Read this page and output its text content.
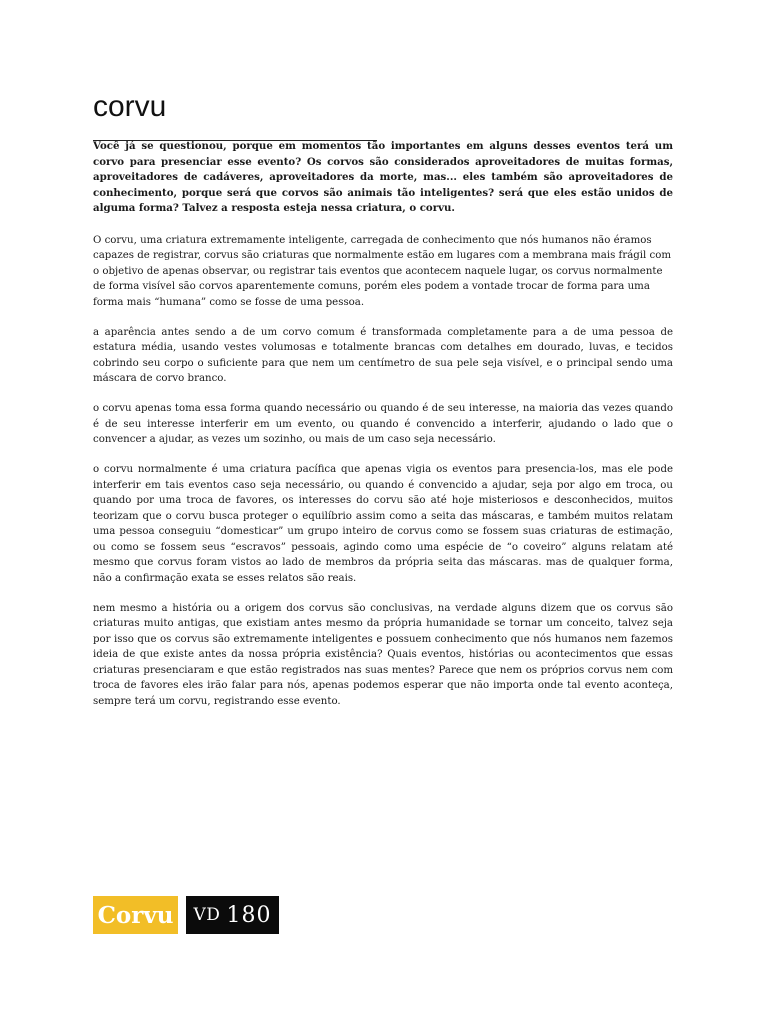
corvu

Você já se questionou, porque em momentos tão importantes em alguns desses eventos terá um corvo para presenciar esse evento? Os corvos são considerados aproveitadores de muitas formas, aproveitadores de cadáveres, aproveitadores da morte, mas... eles também são aproveitadores de conhecimento, porque será que corvos são animais tão inteligentes? será que eles estão unidos de alguma forma? Talvez a resposta esteja nessa criatura, o corvu.

O corvu, uma criatura extremamente inteligente, carregada de conhecimento que nós humanos não éramos capazes de registrar, corvus são criaturas que normalmente estão em lugares com a membrana mais frágil com o objetivo de apenas observar, ou registrar tais eventos que acontecem naquele lugar, os corvus normalmente de forma visível são corvos aparentemente comuns, porém eles podem a vontade trocar de forma para uma forma mais “humana” como se fosse de uma pessoa.

a aparência antes sendo a de um corvo comum é transformada completamente para a de uma pessoa de estatura média, usando vestes volumosas e totalmente brancas com detalhes em dourado, luvas, e tecidos cobrindo seu corpo o suficiente para que nem um centímetro de sua pele seja visível, e o principal sendo uma máscara de corvo branco.

o corvu apenas toma essa forma quando necessário ou quando é de seu interesse, na maioria das vezes quando é de seu interesse interferir em um evento, ou quando é convencido a interferir, ajudando o lado que o convencer a ajudar, as vezes um sozinho, ou mais de um caso seja necessário.

o corvu normalmente é uma criatura pacífica que apenas vigia os eventos para presencia-los, mas ele pode interferir em tais eventos caso seja necessário, ou quando é convencido a ajudar, seja por algo em troca, ou quando por uma troca de favores, os interesses do corvu são até hoje misteriosos e desconhecidos, muitos teorizam que o corvu busca proteger o equilíbrio assim como a seita das máscaras, e também muitos relatam uma pessoa conseguiu “domesticar” um grupo inteiro de corvus como se fossem suas criaturas de estimação, ou como se fossem seus “escravos” pessoais, agindo como uma espécie de “o coveiro” alguns relatam até mesmo que corvus foram vistos ao lado de membros da própria seita das máscaras. mas de qualquer forma, não a confirmação exata se esses relatos são reais.

nem mesmo a história ou a origem dos corvus são conclusivas, na verdade alguns dizem que os corvus são criaturas muito antigas, que existiam antes mesmo da própria humanidade se tornar um conceito, talvez seja por isso que os corvus são extremamente inteligentes e possuem conhecimento que nós humanos nem fazemos ideia de que existe antes da nossa própria existência? Quais eventos, histórias ou acontecimentos que essas criaturas presenciaram e que estão registrados nas suas mentes? Parece que nem os próprios corvus nem com troca de favores eles irão falar para nós, apenas podemos esperar que não importa onde tal evento aconteça, sempre terá um corvu, registrando esse evento.

Corvu VD 180
